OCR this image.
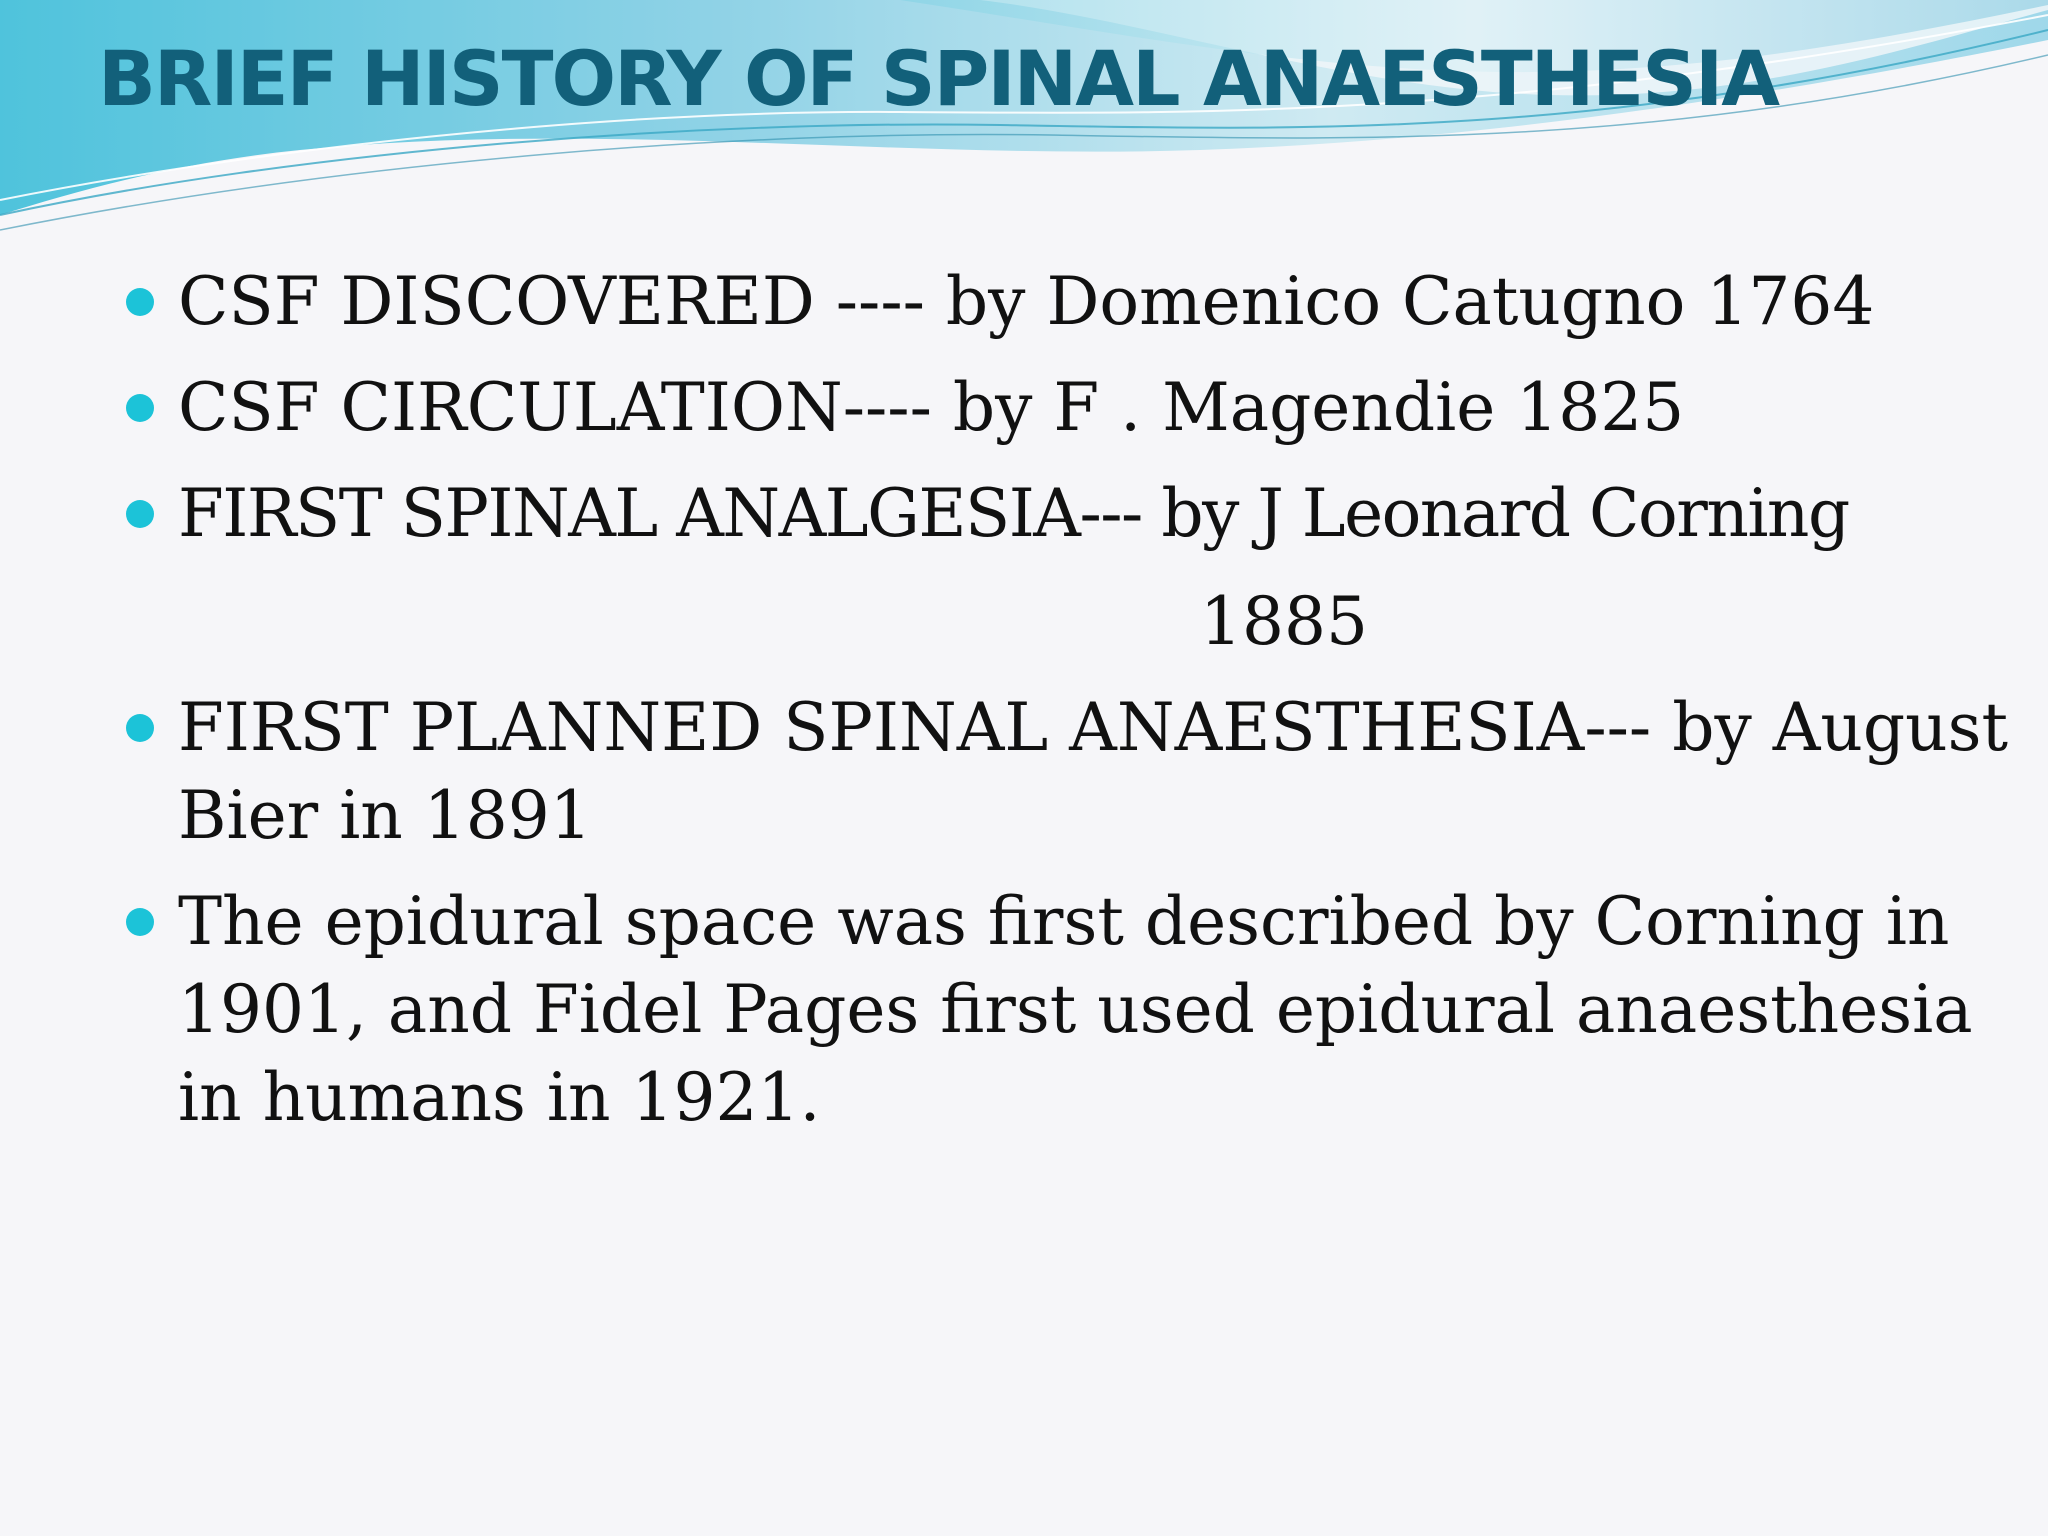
BRIEF HISTORY OF SPINAL ANAESTHESIA
CSF DISCOVERED ---- by Domenico Catugno 1764
CSF CIRCULATION---- by F . Magendie 1825
FIRST SPINAL ANALGESIA--- by J Leonard Corning
1885
FIRST PLANNED SPINAL ANAESTHESIA--- by August Bier in 1891
The epidural space was first described by Corning in 1901, and Fidel Pages first used epidural anaesthesia in humans in 1921.
